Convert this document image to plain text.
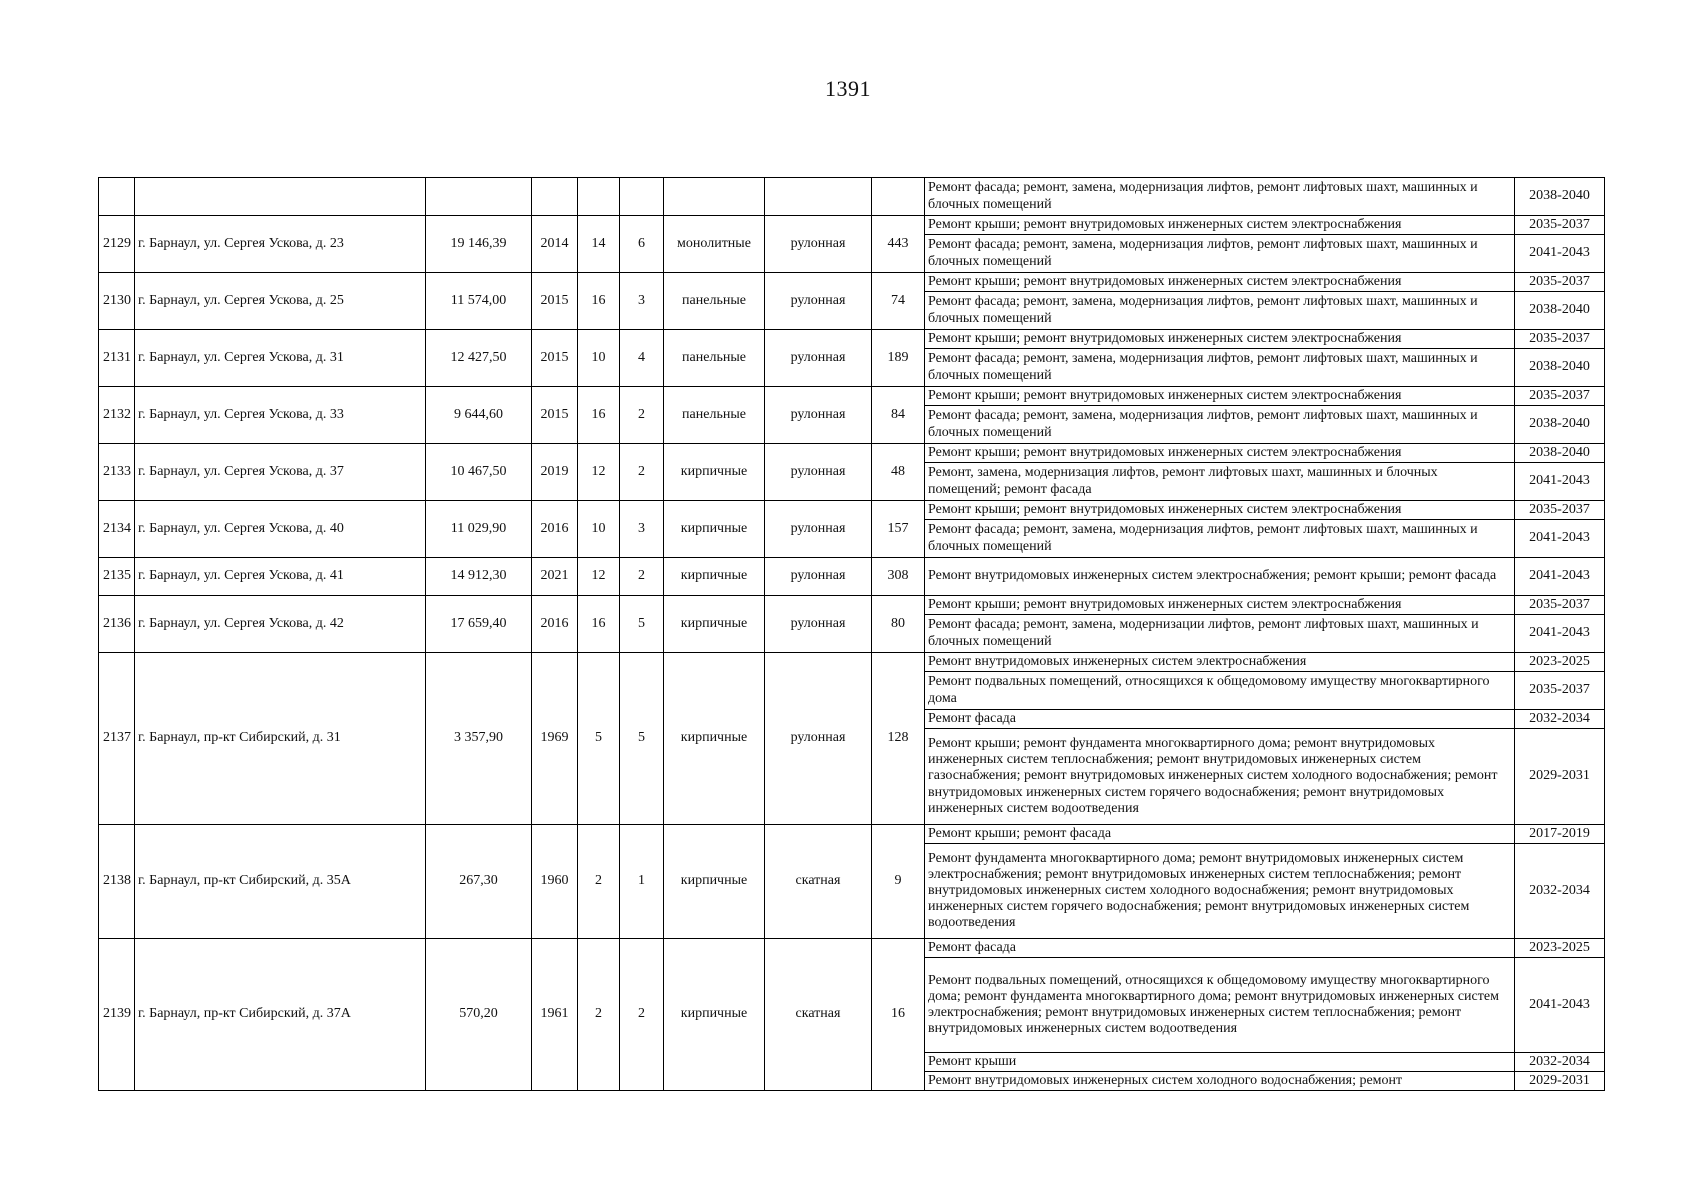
1391
									Ремонт фасада; ремонт, замена, модернизация лифтов, ремонт лифтовых шахт, машинных и блочных помещений	2038-2040
2129	г. Барнаул, ул. Сергея Ускова, д. 23	19 146,39	2014	14	6	монолитные	рулонная	443	Ремонт крыши; ремонт внутридомовых инженерных систем электроснабжения	2035-2037
									Ремонт фасада; ремонт, замена, модернизация лифтов, ремонт лифтовых шахт, машинных и блочных помещений	2041-2043
2130	г. Барнаул, ул. Сергея Ускова, д. 25	11 574,00	2015	16	3	панельные	рулонная	74	Ремонт крыши; ремонт внутридомовых инженерных систем электроснабжения	2035-2037
									Ремонт фасада; ремонт, замена, модернизация лифтов, ремонт лифтовых шахт, машинных и блочных помещений	2038-2040
2131	г. Барнаул, ул. Сергея Ускова, д. 31	12 427,50	2015	10	4	панельные	рулонная	189	Ремонт крыши; ремонт внутридомовых инженерных систем электроснабжения	2035-2037
									Ремонт фасада; ремонт, замена, модернизация лифтов, ремонт лифтовых шахт, машинных и блочных помещений	2038-2040
2132	г. Барнаул, ул. Сергея Ускова, д. 33	9 644,60	2015	16	2	панельные	рулонная	84	Ремонт крыши; ремонт внутридомовых инженерных систем электроснабжения	2035-2037
									Ремонт фасада; ремонт, замена, модернизация лифтов, ремонт лифтовых шахт, машинных и блочных помещений	2038-2040
2133	г. Барнаул, ул. Сергея Ускова, д. 37	10 467,50	2019	12	2	кирпичные	рулонная	48	Ремонт крыши; ремонт внутридомовых инженерных систем электроснабжения	2038-2040
									Ремонт, замена, модернизация лифтов, ремонт лифтовых шахт, машинных и блочных помещений; ремонт фасада	2041-2043
2134	г. Барнаул, ул. Сергея Ускова, д. 40	11 029,90	2016	10	3	кирпичные	рулонная	157	Ремонт крыши; ремонт внутридомовых инженерных систем электроснабжения	2035-2037
									Ремонт фасада; ремонт, замена, модернизация лифтов, ремонт лифтовых шахт, машинных и блочных помещений	2041-2043
2135	г. Барнаул, ул. Сергея Ускова, д. 41	14 912,30	2021	12	2	кирпичные	рулонная	308	Ремонт внутридомовых инженерных систем электроснабжения; ремонт крыши; ремонт фасада	2041-2043
2136	г. Барнаул, ул. Сергея Ускова, д. 42	17 659,40	2016	16	5	кирпичные	рулонная	80	Ремонт крыши; ремонт внутридомовых инженерных систем электроснабжения	2035-2037
									Ремонт фасада; ремонт, замена, модернизации лифтов, ремонт лифтовых шахт, машинных и блочных помещений	2041-2043
2137	г. Барнаул, пр-кт Сибирский, д. 31	3 357,90	1969	5	5	кирпичные	рулонная	128	Ремонт внутридомовых инженерных систем электроснабжения	2023-2025
									Ремонт подвальных помещений, относящихся к общедомовому имуществу многоквартирного дома	2035-2037
									Ремонт фасада	2032-2034
									Ремонт крыши; ремонт фундамента многоквартирного дома; ремонт внутридомовых инженерных систем теплоснабжения; ремонт внутридомовых инженерных систем газоснабжения; ремонт внутридомовых инженерных систем холодного водоснабжения; ремонт внутридомовых инженерных систем горячего водоснабжения; ремонт внутридомовых инженерных систем водоотведения	2029-2031
2138	г. Барнаул, пр-кт Сибирский, д. 35А	267,30	1960	2	1	кирпичные	скатная	9	Ремонт крыши; ремонт фасада	2017-2019
									Ремонт фундамента многоквартирного дома; ремонт внутридомовых инженерных систем электроснабжения; ремонт внутридомовых инженерных систем теплоснабжения; ремонт внутридомовых инженерных систем холодного водоснабжения; ремонт внутридомовых инженерных систем горячего водоснабжения; ремонт внутридомовых инженерных систем водоотведения	2032-2034
2139	г. Барнаул, пр-кт Сибирский, д. 37А	570,20	1961	2	2	кирпичные	скатная	16	Ремонт фасада	2023-2025
									Ремонт подвальных помещений, относящихся к общедомовому имуществу многоквартирного дома; ремонт фундамента многоквартирного дома; ремонт внутридомовых инженерных систем электроснабжения; ремонт внутридомовых инженерных систем теплоснабжения; ремонт внутридомовых инженерных систем водоотведения	2041-2043
									Ремонт крыши	2032-2034
									Ремонт внутридомовых инженерных систем холодного водоснабжения; ремонт	2029-2031
